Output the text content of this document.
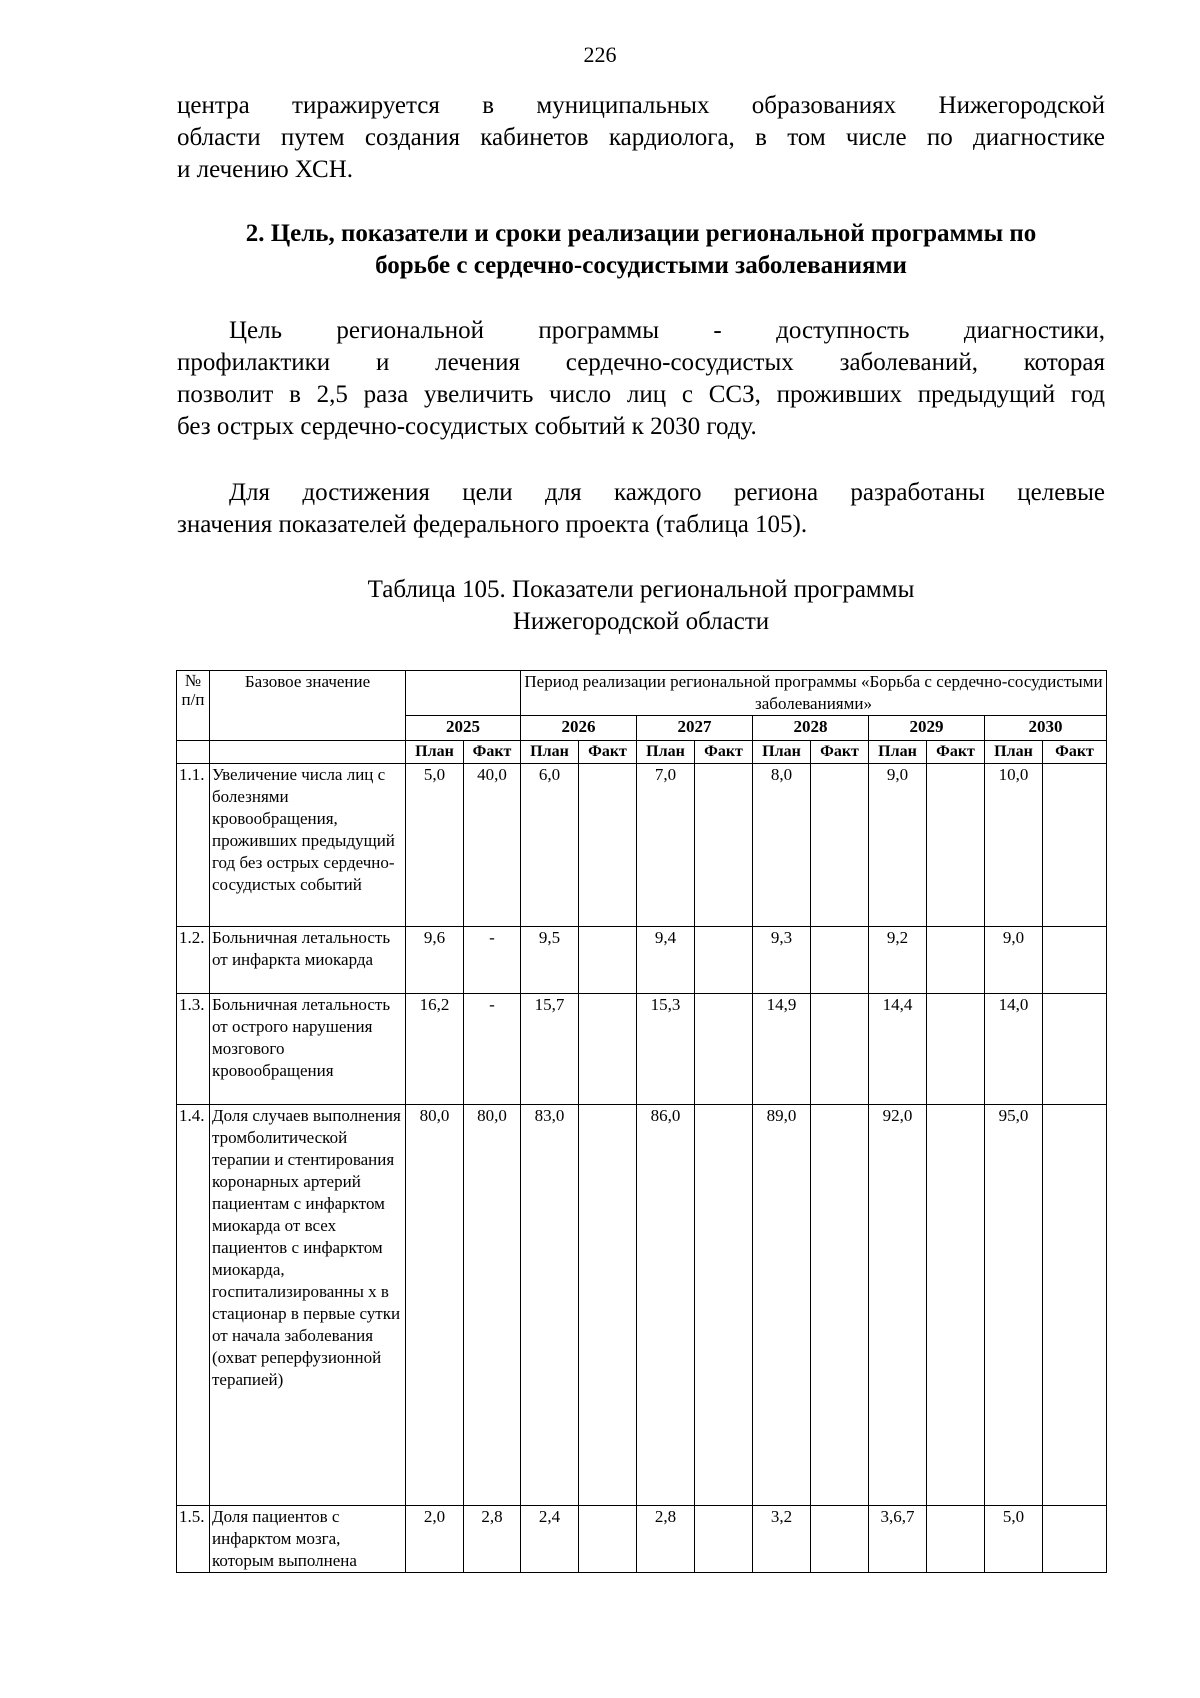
226
центра тиражируется в муниципальных образованиях Нижегородской
области путем создания кабинетов кардиолога, в том числе по диагностике
и лечению ХСН.
2. Цель, показатели и сроки реализации региональной программы по
борьбе с сердечно-сосудистыми заболеваниями
Цель региональной программы - доступность диагностики,
профилактики и лечения сердечно-сосудистых заболеваний, которая
позволит в 2,5 раза увеличить число лиц с ССЗ, проживших предыдущий год
без острых сердечно-сосудистых событий к 2030 году.
Для достижения цели для каждого региона разработаны целевые
значения показателей федерального проекта (таблица 105).
Таблица 105. Показатели региональной программы
Нижегородской области
№ п/п	Базовое значение			Период реализации региональной программы «Борьба с сердечно-сосудистыми заболеваниями»									
		2025		2026		2027		2028		2029		2030	
		План	Факт	План	Факт	План	Факт	План	Факт	План	Факт	План	Факт
1.1.	Увеличение числа лиц с болезнями кровообращения, проживших предыдущий год без острых сердечно-сосудистых событий	5,0	40,0	6,0		7,0		8,0		9,0		10,0	
1.2.	Больничная летальность от инфаркта миокарда	9,6	-	9,5		9,4		9,3		9,2		9,0	
1.3.	Больничная летальность от острого нарушения мозгового кровообращения	16,2	-	15,7		15,3		14,9		14,4		14,0	
1.4.	Доля случаев выполнения тромболитической терапии и стентирования коронарных артерий пациентам с инфарктом миокарда от всех пациентов с инфарктом миокарда, госпитализированны х в стационар в первые сутки от начала заболевания (охват реперфузионной терапией)	80,0	80,0	83,0		86,0		89,0		92,0		95,0	
1.5.	Доля пациентов с инфарктом мозга, которым выполнена	2,0	2,8	2,4		2,8		3,2		3,6,7		5,0	
